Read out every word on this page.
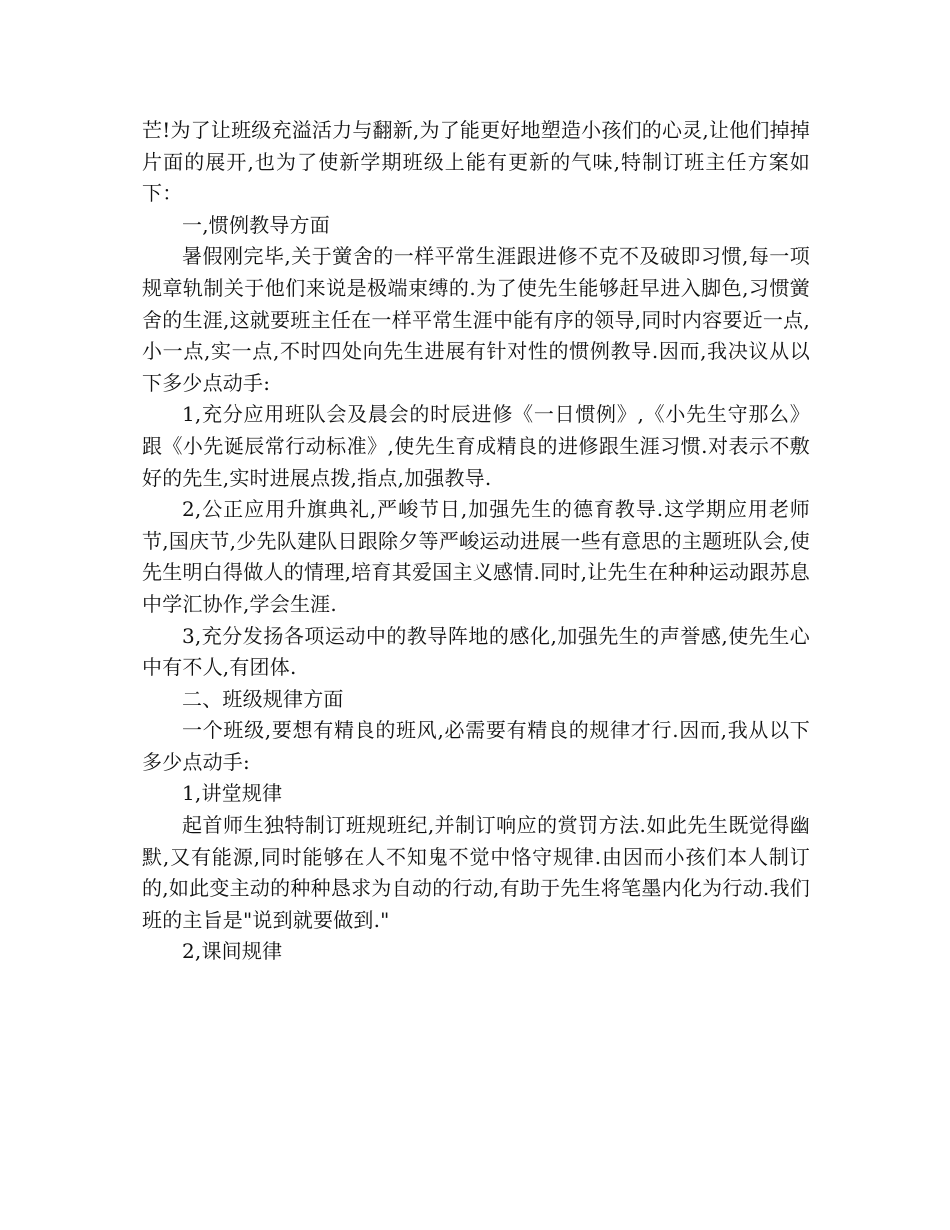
芒!为了让班级充溢活力与翻新,为了能更好地塑造小孩们的心灵,让他们掉掉片面的展开,也为了使新学期班级上能有更新的气味,特制订班主任方案如下：

一,惯例教导方面

暑假刚完毕,关于黉舍的一样平常生涯跟进修不克不及破即习惯,每一项规章轨制关于他们来说是极端束缚的.为了使先生能够赶早进入脚色,习惯黉舍的生涯,这就要班主任在一样平常生涯中能有序的领导,同时内容要近一点,小一点,实一点,不时四处向先生进展有针对性的惯例教导.因而,我决议从以下多少点动手:

1,充分应用班队会及晨会的时辰进修《一日惯例》,《小先生守那么》跟《小先诞辰常行动标准》,使先生育成精良的进修跟生涯习惯.对表示不敷好的先生,实时进展点拨,指点,加强教导.

2,公正应用升旗典礼,严峻节日,加强先生的德育教导.这学期应用老师节,国庆节,少先队建队日跟除夕等严峻运动进展一些有意思的主题班队会,使先生明白得做人的情理,培育其爱国主义感情.同时,让先生在种种运动跟苏息中学汇协作,学会生涯.

3,充分发扬各项运动中的教导阵地的感化,加强先生的声誉感,使先生心中有不人,有团体.

二、班级规律方面

一个班级,要想有精良的班风,必需要有精良的规律才行.因而,我从以下多少点动手:

1,讲堂规律

起首师生独特制订班规班纪,并制订响应的赏罚方法.如此先生既觉得幽默,又有能源,同时能够在人不知鬼不觉中恪守规律.由因而小孩们本人制订的,如此变主动的种种恳求为自动的行动,有助于先生将笔墨内化为行动.我们班的主旨是"说到就要做到."

2,课间规律
